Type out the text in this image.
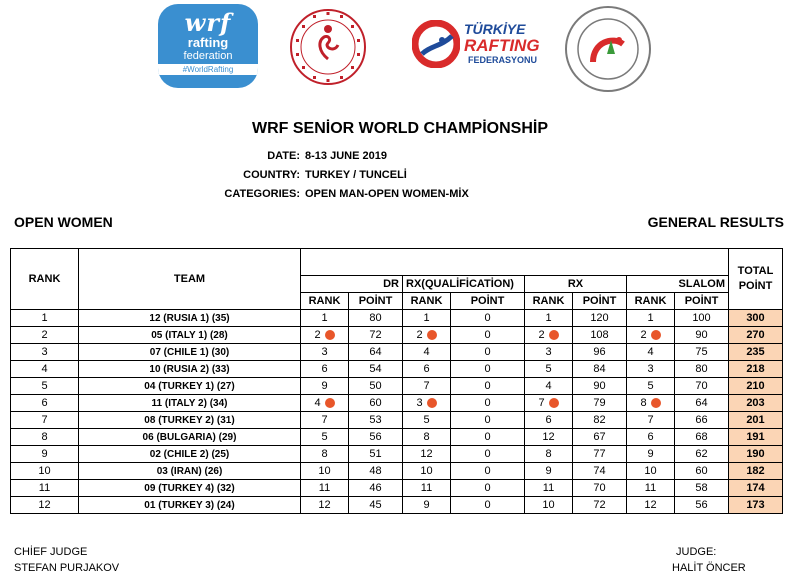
wrf
rafting
federation
#WorldRafting
TÜRKİYE
RAFTING
FEDERASYONU
WRF SENİOR WORLD CHAMPİONSHİP
DATE: 8-13 JUNE 2019
COUNTRY: TURKEY / TUNCELİ
CATEGORIES: OPEN MAN-OPEN WOMEN-MİX
OPEN WOMEN	GENERAL RESULTS
RANK	TEAM									TOTAL
POİNT

		DR		RX(QUALİFİCATİON)		RX		SLALOM		
		RANK	POİNT	RANK	POİNT	RANK	POİNT	RANK	POİNT	
1	12 (RUSIA 1) (35)	1	80	1	0	1	120	1	100	300

2	05 (ITALY 1) (28)	2	72	2	0	2	108	2	90	270
3	07 (CHILE 1) (30)	3	64	4	0	3	96	4	75	235
4	10 (RUSIA 2) (33)	6	54	6	0	5	84	3	80	218
5	04 (TURKEY 1) (27)	9	50	7	0	4	90	5	70	210

6	11 (ITALY 2) (34)	4	60	3	0	7	79	8	64	203
7	08 (TURKEY 2) (31)	7	53	5	0	6	82	7	66	201
8	06 (BULGARIA) (29)	5	56	8	0	12	67	6	68	191
9	02 (CHILE 2) (25)	8	51	12	0	8	77	9	62	190
10	03 (IRAN) (26)	10	48	10	0	9	74	10	60	182
11	09 (TURKEY 4) (32)	11	46	11	0	11	70	11	58	174
12	01 (TURKEY 3) (24)	12	45	9	0	10	72	12	56	173
CHİEF JUDGE
STEFAN PURJAKOV
JUDGE:
HALİT ÖNCER
